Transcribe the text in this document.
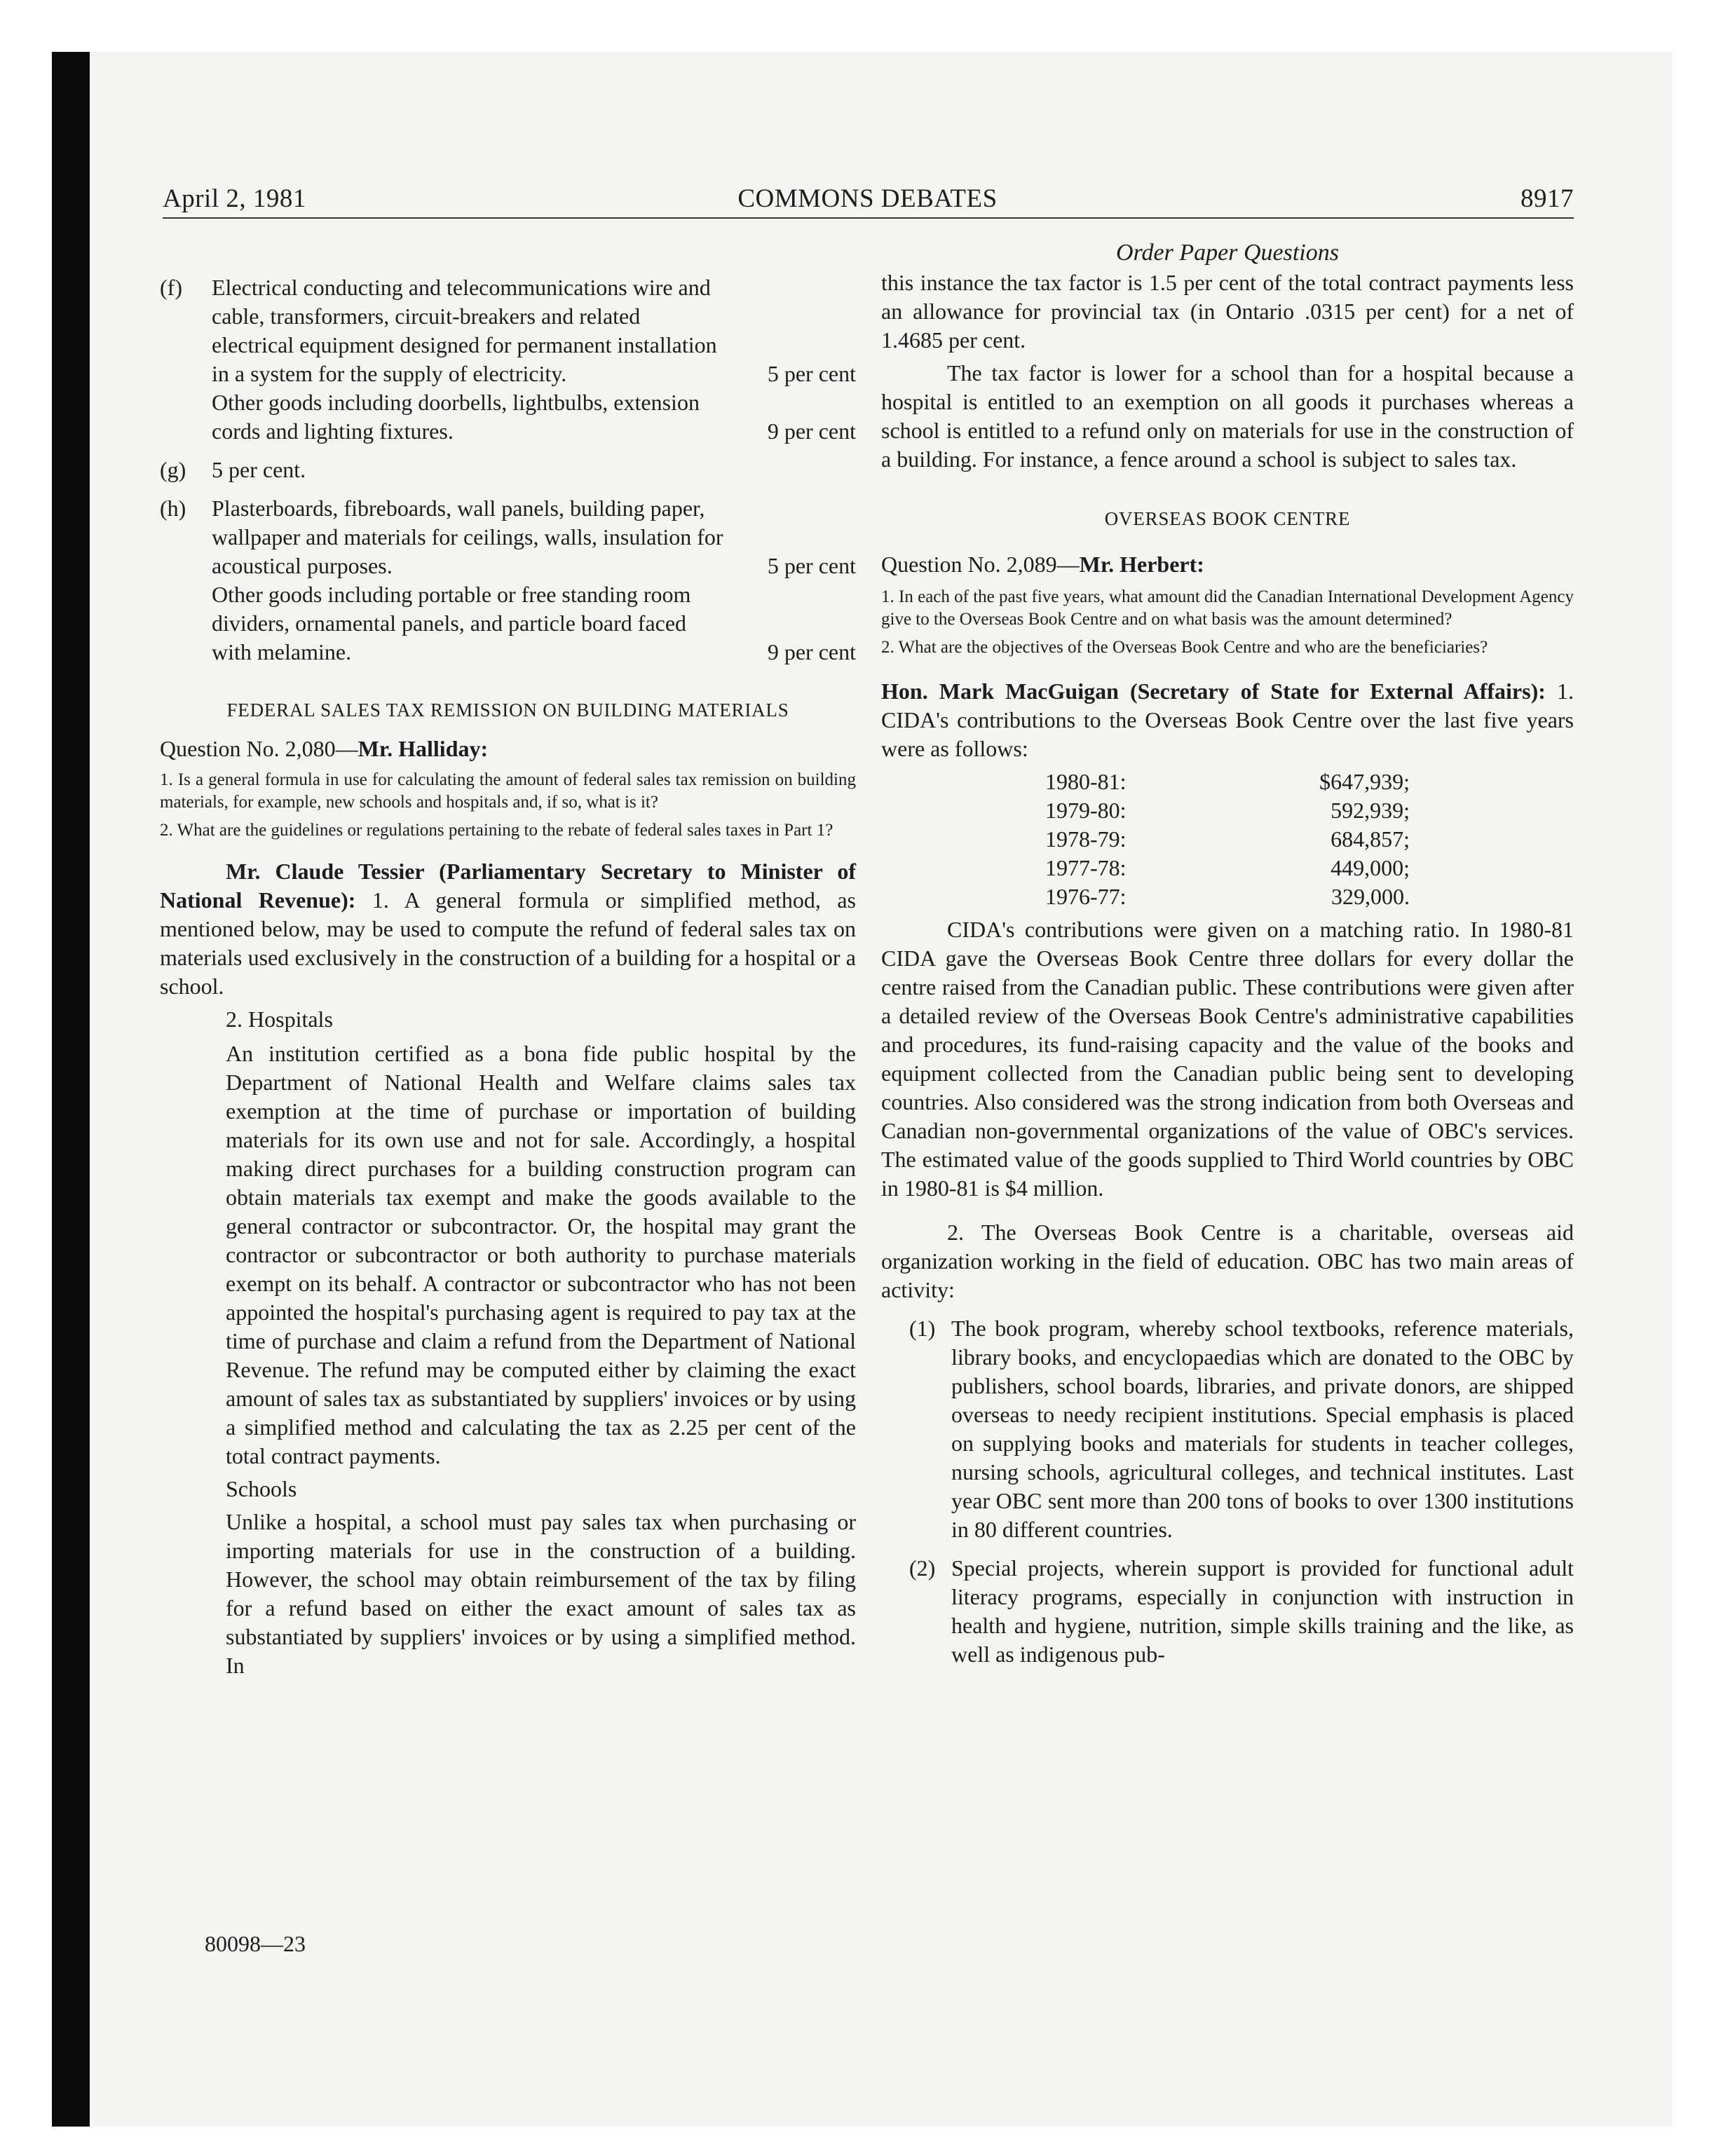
April 2, 1981	COMMONS DEBATES	8917
(f)	Electrical conducting and telecommunications wire and cable, transformers, circuit-breakers and related electrical equipment designed for permanent installation in a system for the supply of electricity.	5 per cent
Other goods including doorbells, lightbulbs, extension cords and lighting fixtures.	9 per cent
(g)	5 per cent.
(h)	Plasterboards, fibreboards, wall panels, building paper, wallpaper and materials for ceilings, walls, insulation for acoustical purposes.	5 per cent
Other goods including portable or free standing room dividers, ornamental panels, and particle board faced with melamine.	9 per cent

FEDERAL SALES TAX REMISSION ON BUILDING MATERIALS

Question No. 2,080—Mr. Halliday:

1. Is a general formula in use for calculating the amount of federal sales tax remission on building materials, for example, new schools and hospitals and, if so, what is it?

2. What are the guidelines or regulations pertaining to the rebate of federal sales taxes in Part 1?

Mr. Claude Tessier (Parliamentary Secretary to Minister of National Revenue): 1. A general formula or simplified method, as mentioned below, may be used to compute the refund of federal sales tax on materials used exclusively in the construction of a building for a hospital or a school.

2. Hospitals

An institution certified as a bona fide public hospital by the Department of National Health and Welfare claims sales tax exemption at the time of purchase or importation of building materials for its own use and not for sale. Accordingly, a hospital making direct purchases for a building construction program can obtain materials tax exempt and make the goods available to the general contractor or subcontractor. Or, the hospital may grant the contractor or subcontractor or both authority to purchase materials exempt on its behalf. A contractor or subcontractor who has not been appointed the hospital's purchasing agent is required to pay tax at the time of purchase and claim a refund from the Department of National Revenue. The refund may be computed either by claiming the exact amount of sales tax as substantiated by suppliers' invoices or by using a simplified method and calculating the tax as 2.25 per cent of the total contract payments.

Schools

Unlike a hospital, a school must pay sales tax when purchasing or importing materials for use in the construction of a building. However, the school may obtain reimbursement of the tax by filing for a refund based on either the exact amount of sales tax as substantiated by suppliers' invoices or by using a simplified method. In

Order Paper Questions

this instance the tax factor is 1.5 per cent of the total contract payments less an allowance for provincial tax (in Ontario .0315 per cent) for a net of 1.4685 per cent.

The tax factor is lower for a school than for a hospital because a hospital is entitled to an exemption on all goods it purchases whereas a school is entitled to a refund only on materials for use in the construction of a building. For instance, a fence around a school is subject to sales tax.

OVERSEAS BOOK CENTRE

Question No. 2,089—Mr. Herbert:

1. In each of the past five years, what amount did the Canadian International Development Agency give to the Overseas Book Centre and on what basis was the amount determined?

2. What are the objectives of the Overseas Book Centre and who are the beneficiaries?

Hon. Mark MacGuigan (Secretary of State for External Affairs): 1. CIDA's contributions to the Overseas Book Centre over the last five years were as follows:

1980-81:	$647,939;
1979-80:	592,939;
1978-79:	684,857;
1977-78:	449,000;
1976-77:	329,000.

CIDA's contributions were given on a matching ratio. In 1980-81 CIDA gave the Overseas Book Centre three dollars for every dollar the centre raised from the Canadian public. These contributions were given after a detailed review of the Overseas Book Centre's administrative capabilities and procedures, its fund-raising capacity and the value of the books and equipment collected from the Canadian public being sent to developing countries. Also considered was the strong indication from both Overseas and Canadian non-governmental organizations of the value of OBC's services. The estimated value of the goods supplied to Third World countries by OBC in 1980-81 is $4 million.

2. The Overseas Book Centre is a charitable, overseas aid organization working in the field of education. OBC has two main areas of activity:

(1) The book program, whereby school textbooks, reference materials, library books, and encyclopaedias which are donated to the OBC by publishers, school boards, libraries, and private donors, are shipped overseas to needy recipient institutions. Special emphasis is placed on supplying books and materials for students in teacher colleges, nursing schools, agricultural colleges, and technical institutes. Last year OBC sent more than 200 tons of books to over 1300 institutions in 80 different countries.
(2) Special projects, wherein support is provided for functional adult literacy programs, especially in conjunction with instruction in health and hygiene, nutrition, simple skills training and the like, as well as indigenous pub-
80098—23
